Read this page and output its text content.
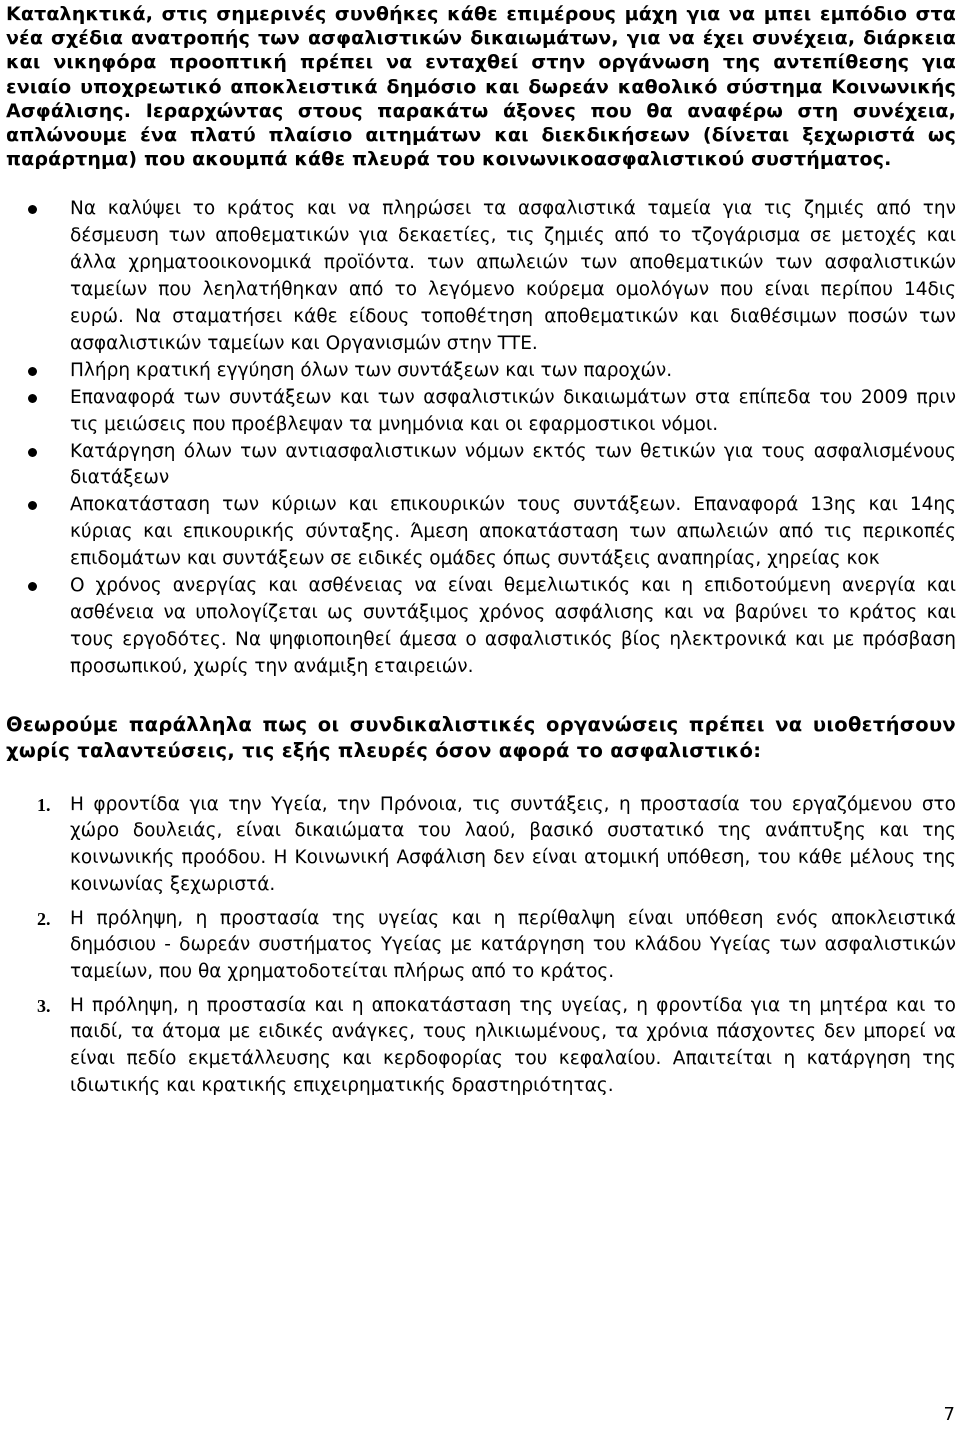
Καταληκτικά, στις σημερινές συνθήκες κάθε επιμέρους μάχη για να μπει εμπόδιο στα νέα σχέδια ανατροπής των ασφαλιστικών δικαιωμάτων, για να έχει συνέχεια, διάρκεια και νικηφόρα προοπτική πρέπει να ενταχθεί στην οργάνωση της αντεπίθεσης για ενιαίο υποχρεωτικό αποκλειστικά δημόσιο και δωρεάν καθολικό σύστημα Κοινωνικής Ασφάλισης. Ιεραρχώντας στους παρακάτω άξονες που θα αναφέρω στη συνέχεια, απλώνουμε ένα πλατύ πλαίσιο αιτημάτων και διεκδικήσεων (δίνεται ξεχωριστά ως παράρτημα) που ακουμπά κάθε πλευρά του κοινωνικοασφαλιστικού συστήματος.

Να καλύψει το κράτος και να πληρώσει τα ασφαλιστικά ταμεία για τις ζημιές από την δέσμευση των αποθεματικών για δεκαετίες, τις ζημιές από το τζογάρισμα σε μετοχές και άλλα χρηματοοικονομικά προϊόντα. των απωλειών των αποθεματικών των ασφαλιστικών ταμείων που λεηλατήθηκαν από το λεγόμενο κούρεμα ομολόγων που είναι περίπου 14δις ευρώ. Να σταματήσει κάθε είδους τοποθέτηση αποθεματικών και διαθέσιμων ποσών των ασφαλιστικών ταμείων και Οργανισμών στην ΤΤΕ.
Πλήρη κρατική εγγύηση όλων των συντάξεων και των παροχών.
Επαναφορά των συντάξεων και των ασφαλιστικών δικαιωμάτων στα επίπεδα του 2009 πριν τις μειώσεις που προέβλεψαν τα μνημόνια και οι εφαρμοστικοι νόμοι.
Κατάργηση όλων των αντιασφαλιστικων νόμων εκτός των θετικών για τους ασφαλισμένους διατάξεων
Αποκατάσταση των κύριων και επικουρικών τους συντάξεων. Επαναφορά 13ης και 14ης κύριας και επικουρικής σύνταξης. Άμεση αποκατάσταση των απωλειών από τις περικοπές επιδομάτων και συντάξεων σε ειδικές ομάδες όπως συντάξεις αναπηρίας, χηρείας κοκ
Ο χρόνος ανεργίας και ασθένειας να είναι θεμελιωτικός και η επιδοτούμενη ανεργία και ασθένεια να υπολογίζεται ως συντάξιμος χρόνος ασφάλισης και να βαρύνει το κράτος και τους εργοδότες. Να ψηφιοποιηθεί άμεσα ο ασφαλιστικός βίος ηλεκτρονικά και με πρόσβαση προσωπικού, χωρίς την ανάμιξη εταιρειών.

Θεωρούμε παράλληλα πως οι συνδικαλιστικές οργανώσεις πρέπει να υιοθετήσουν χωρίς ταλαντεύσεις, τις εξής πλευρές όσον αφορά το ασφαλιστικό:

1. Η φροντίδα για την Υγεία, την Πρόνοια, τις συντάξεις, η προστασία του εργαζόμενου στο χώρο δουλειάς, είναι δικαιώματα του λαού, βασικό συστατικό της ανάπτυξης και της κοινωνικής προόδου. Η Κοινωνική Ασφάλιση δεν είναι ατομική υπόθεση, του κάθε μέλους της κοινωνίας ξεχωριστά.
2. Η πρόληψη, η προστασία της υγείας και η περίθαλψη είναι υπόθεση ενός αποκλειστικά δημόσιου - δωρεάν συστήματος Υγείας με κατάργηση του κλάδου Υγείας των ασφαλιστικών ταμείων, που θα χρηματοδοτείται πλήρως από το κράτος.
3. Η πρόληψη, η προστασία και η αποκατάσταση της υγείας, η φροντίδα για τη μητέρα και το παιδί, τα άτομα με ειδικές ανάγκες, τους ηλικιωμένους, τα χρόνια πάσχοντες δεν μπορεί να είναι πεδίο εκμετάλλευσης και κερδοφορίας του κεφαλαίου. Απαιτείται η κατάργηση της ιδιωτικής και κρατικής επιχειρηματικής δραστηριότητας.
7
